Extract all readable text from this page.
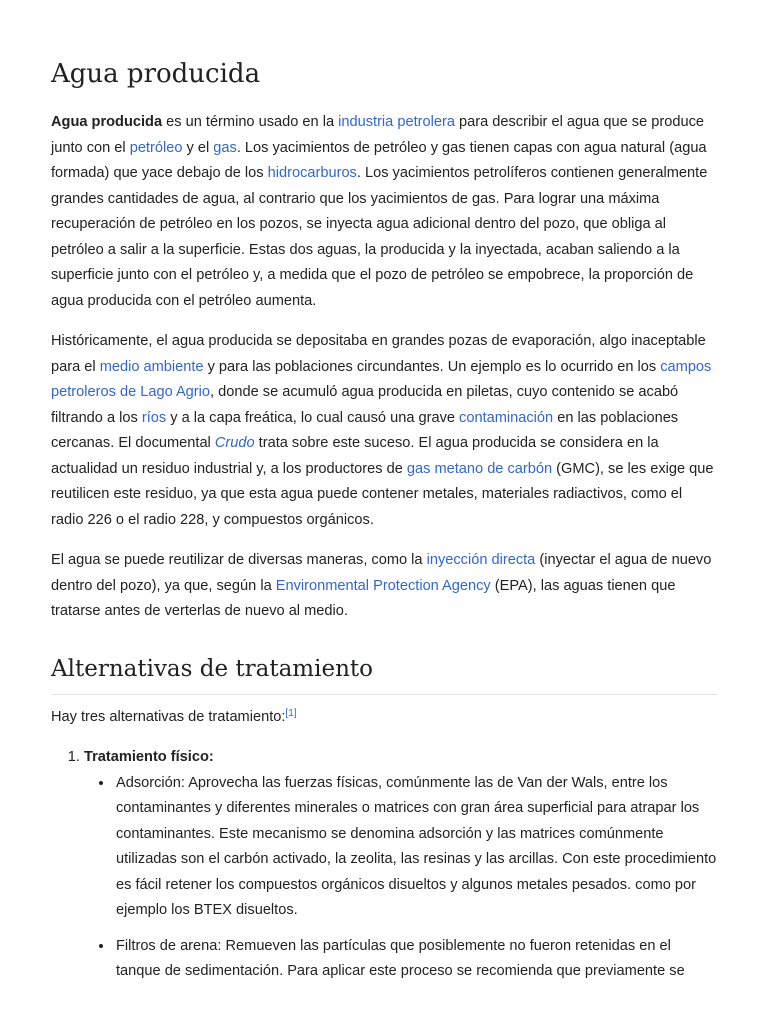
Agua producida

Agua producida es un término usado en la industria petrolera para describir el agua que se produce junto con el petróleo y el gas. Los yacimientos de petróleo y gas tienen capas con agua natural (agua formada) que yace debajo de los hidrocarburos. Los yacimientos petrolíferos contienen generalmente grandes cantidades de agua, al contrario que los yacimientos de gas. Para lograr una máxima recuperación de petróleo en los pozos, se inyecta agua adicional dentro del pozo, que obliga al petróleo a salir a la superficie. Estas dos aguas, la producida y la inyectada, acaban saliendo a la superficie junto con el petróleo y, a medida que el pozo de petróleo se empobrece, la proporción de agua producida con el petróleo aumenta.

Históricamente, el agua producida se depositaba en grandes pozas de evaporación, algo inaceptable para el medio ambiente y para las poblaciones circundantes. Un ejemplo es lo ocurrido en los campos petroleros de Lago Agrio, donde se acumuló agua producida en piletas, cuyo contenido se acabó filtrando a los ríos y a la capa freática, lo cual causó una grave contaminación en las poblaciones cercanas. El documental Crudo trata sobre este suceso. El agua producida se considera en la actualidad un residuo industrial y, a los productores de gas metano de carbón (GMC), se les exige que reutilicen este residuo, ya que esta agua puede contener metales, materiales radiactivos, como el radio 226 o el radio 228, y compuestos orgánicos.

El agua se puede reutilizar de diversas maneras, como la inyección directa (inyectar el agua de nuevo dentro del pozo), ya que, según la Environmental Protection Agency (EPA), las aguas tienen que tratarse antes de verterlas de nuevo al medio.

Alternativas de tratamiento

Hay tres alternativas de tratamiento:[1]

1. Tratamiento físico:
• Adsorción: Aprovecha las fuerzas físicas, comúnmente las de Van der Wals, entre los contaminantes y diferentes minerales o matrices con gran área superficial para atrapar los contaminantes. Este mecanismo se denomina adsorción y las matrices comúnmente utilizadas son el carbón activado, la zeolita, las resinas y las arcillas. Con este procedimiento es fácil retener los compuestos orgánicos disueltos y algunos metales pesados. como por ejemplo los BTEX disueltos.
• Filtros de arena: Remueven las partículas que posiblemente no fueron retenidas en el tanque de sedimentación. Para aplicar este proceso se recomienda que previamente se
